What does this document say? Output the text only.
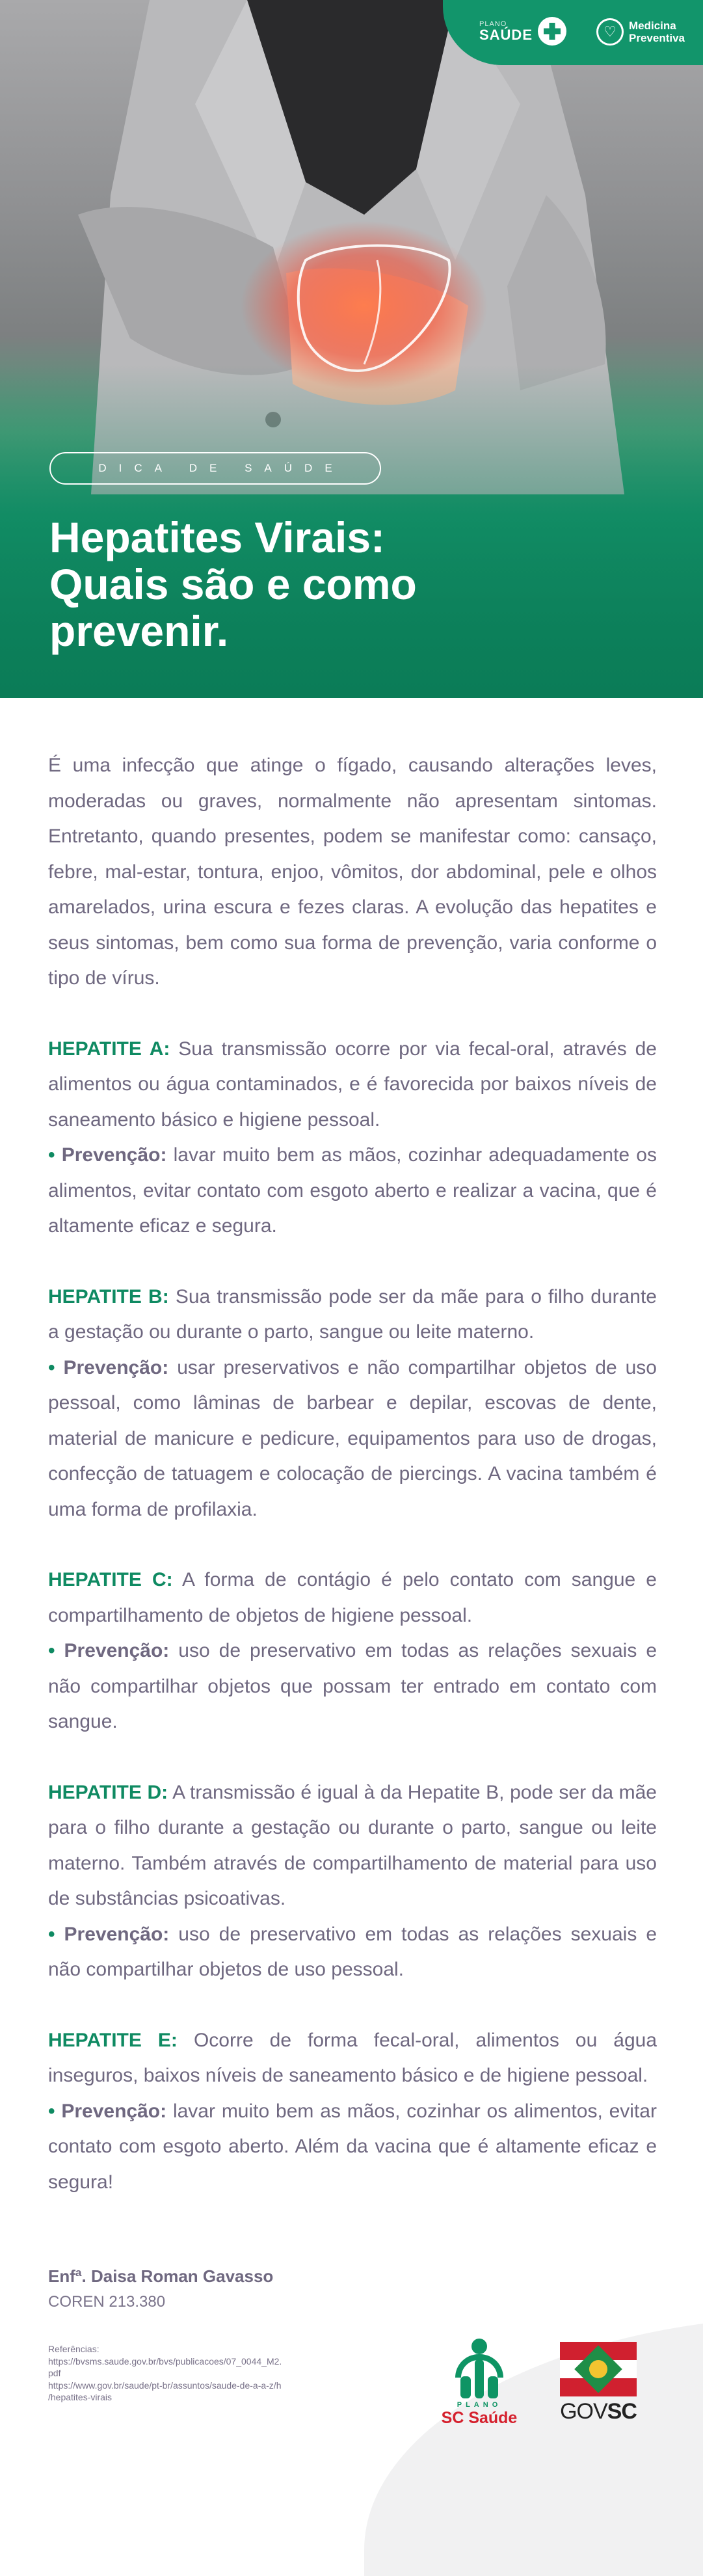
PLANO
SAÚDE	♡	Medicina
Preventiva
DICA DE SAÚDE
Hepatites Virais:
Quais são e como
prevenir.

É uma infecção que atinge o fígado, causando alterações leves, moderadas ou graves, normalmente não apresentam sintomas. Entretanto, quando presentes, podem se manifestar como: cansaço, febre, mal-estar, tontura, enjoo, vômitos, dor abdominal, pele e olhos amarelados, urina escura e fezes claras. A evolução das hepatites e seus sintomas, bem como sua forma de prevenção, varia conforme o tipo de vírus.

HEPATITE A: Sua transmissão ocorre por via fecal-oral, através de alimentos ou água contaminados, e é favorecida por baixos níveis de saneamento básico e higiene pessoal.

• Prevenção: lavar muito bem as mãos, cozinhar adequadamente os alimentos, evitar contato com esgoto aberto e realizar a vacina, que é altamente eficaz e segura.

HEPATITE B: Sua transmissão pode ser da mãe para o filho durante a gestação ou durante o parto, sangue ou leite materno.

• Prevenção: usar preservativos e não compartilhar objetos de uso pessoal, como lâminas de barbear e depilar, escovas de dente, material de manicure e pedicure, equipamentos para uso de drogas, confecção de tatuagem e colocação de piercings. A vacina também é uma forma de profilaxia.

HEPATITE C: A forma de contágio é pelo contato com sangue e compartilhamento de objetos de higiene pessoal.

• Prevenção: uso de preservativo em todas as relações sexuais e não compartilhar objetos que possam ter entrado em contato com sangue.

HEPATITE D: A transmissão é igual à da Hepatite B, pode ser da mãe para o filho durante a gestação ou durante o parto, sangue ou leite materno. Também através de compartilhamento de material para uso de substâncias psicoativas.

• Prevenção: uso de preservativo em todas as relações sexuais e não compartilhar objetos de uso pessoal.

HEPATITE E: Ocorre de forma fecal-oral, alimentos ou água inseguros, baixos níveis de saneamento básico e de higiene pessoal.

• Prevenção: lavar muito bem as mãos, cozinhar os alimentos, evitar contato com esgoto aberto. Além da vacina que é altamente eficaz e segura!

Enfª. Daisa Roman Gavasso
COREN 213.380
Referências:
https://bvsms.saude.gov.br/bvs/publicacoes/07_0044_M2.
pdf
https://www.gov.br/saude/pt-br/assuntos/saude-de-a-a-z/h
/hepatites-virais
PLANO
SC Saúde GOVSC
